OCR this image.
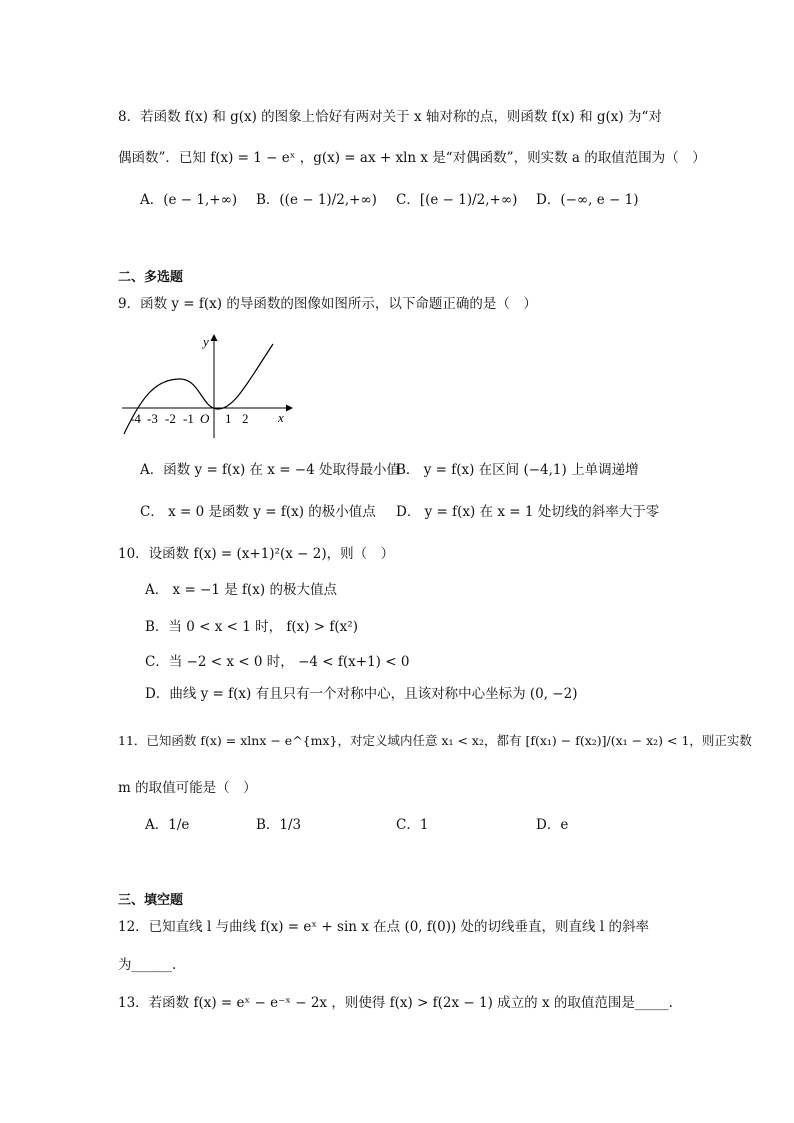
8．若函数 f(x) 和 g(x) 的图象上恰好有两对关于 x 轴对称的点，则函数 f(x) 和 g(x) 为“对
偶函数”．已知 f(x) = 1 − eˣ ，g(x) = ax + xln x 是“对偶函数”，则实数 a 的取值范围为（　）
A．(e − 1,+∞) B．((e − 1)/2,+∞) C．[(e − 1)/2,+∞) D．(−∞, e − 1)
二、多选题
9．函数 y = f(x) 的导函数的图像如图所示，以下命题正确的是（　）
y
x
O
-4 -3 -2 -1 1 2
A．函数 y = f(x) 在 x = −4 处取得最小值
B． y = f(x) 在区间 (−4,1) 上单调递增
C． x = 0 是函数 y = f(x) 的极小值点 D． y = f(x) 在 x = 1 处切线的斜率大于零
10．设函数 f(x) = (x+1)²(x − 2)，则（　）
A． x = −1 是 f(x) 的极大值点
B．当 0 < x < 1 时， f(x) > f(x²)
C．当 −2 < x < 0 时， −4 < f(x+1) < 0
D．曲线 y = f(x) 有且只有一个对称中心，且该对称中心坐标为 (0, −2)
11．已知函数 f(x) = xlnx − e^{mx}，对定义域内任意 x₁ < x₂，都有 [f(x₁) − f(x₂)]/(x₁ − x₂) < 1，则正实数
m 的取值可能是（　）
A．1/e	B．1/3	C．1	D．e
三、填空题
12．已知直线 l 与曲线 f(x) = eˣ + sin x 在点 (0, f(0)) 处的切线垂直，则直线 l 的斜率
为______.
13．若函数 f(x) = eˣ − e⁻ˣ − 2x ，则使得 f(x) > f(2x − 1) 成立的 x 的取值范围是_____.
